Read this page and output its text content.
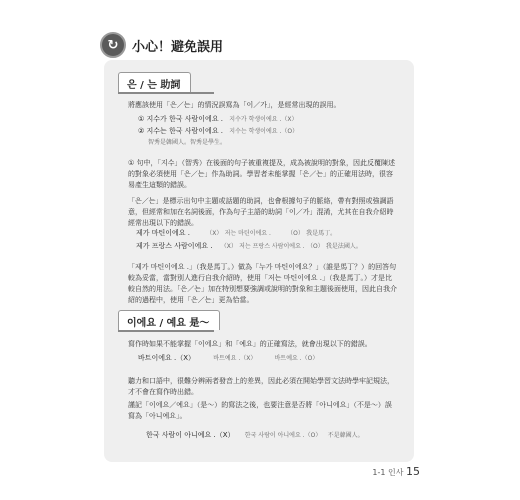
↻	小心！避免誤用
은 / 는 助詞
將應該使用「은／는」的情況誤寫為「이／가」，是經常出現的誤用。
① 지수가 한국 사람이에요 . 지수가 학생이에요 .（X）
② 지수는 한국 사람이에요 . 지수는 학생이에요 .（O）
智秀是韓國人。智秀是學生。
① 句中，「지수」（智秀）在後面的句子被重複提及，成為被說明的對象，因此反覆陳述的對象必須使用「은／는」作為助詞。學習者未能掌握「은／는」的正確用法時，很容易產生這類的錯誤。
「은／는」是標示出句中主題或話題的助詞，也會根據句子的脈絡，帶有對照或強調語意，但經常和加在名詞後面，作為句子主語的助詞「이／가」混淆，尤其在自我介紹時經常出現以下的錯誤。
제가 마틴이에요 .	（X） 저는 마틴이에요 .	（O） 我是馬丁。
제가 프랑스 사람이에요 . （X） 저는 프랑스 사람이에요 . （O） 我是法國人。
「제가 마틴이에요 .」（我是馬丁。）做為「누가 마틴이에요？」（誰是馬丁？）的回答句較為妥當，當對別人進行自我介紹時，使用「저는 마틴이에요 .」（我是馬丁。）才是比較自然的用法。「은／는」加在特別想要強調或說明的對象和主題後面使用，因此自我介紹的過程中，使用「은／는」更為恰當。
이에요 / 예요 是～
寫作時如果不能掌握「이에요」和「예요」的正確寫法，就會出現以下的錯誤。
바트이에요 .（X）	바트예요 .（X）	바트예요 .（O）
聽力和口語中，很難分辨兩者發音上的差異，因此必須在開始學習文法時學牢記規法，才不會在寫作時出錯。
謹記「이에요／예요」（是～）的寫法之後，也要注意是否將「아니에요」（不是～）誤寫為「아니예요」。
한국 사람이 아니예요 .（X） 한국 사람이 아니에요 .（O） 不是韓國人。
1-1 인사 15
